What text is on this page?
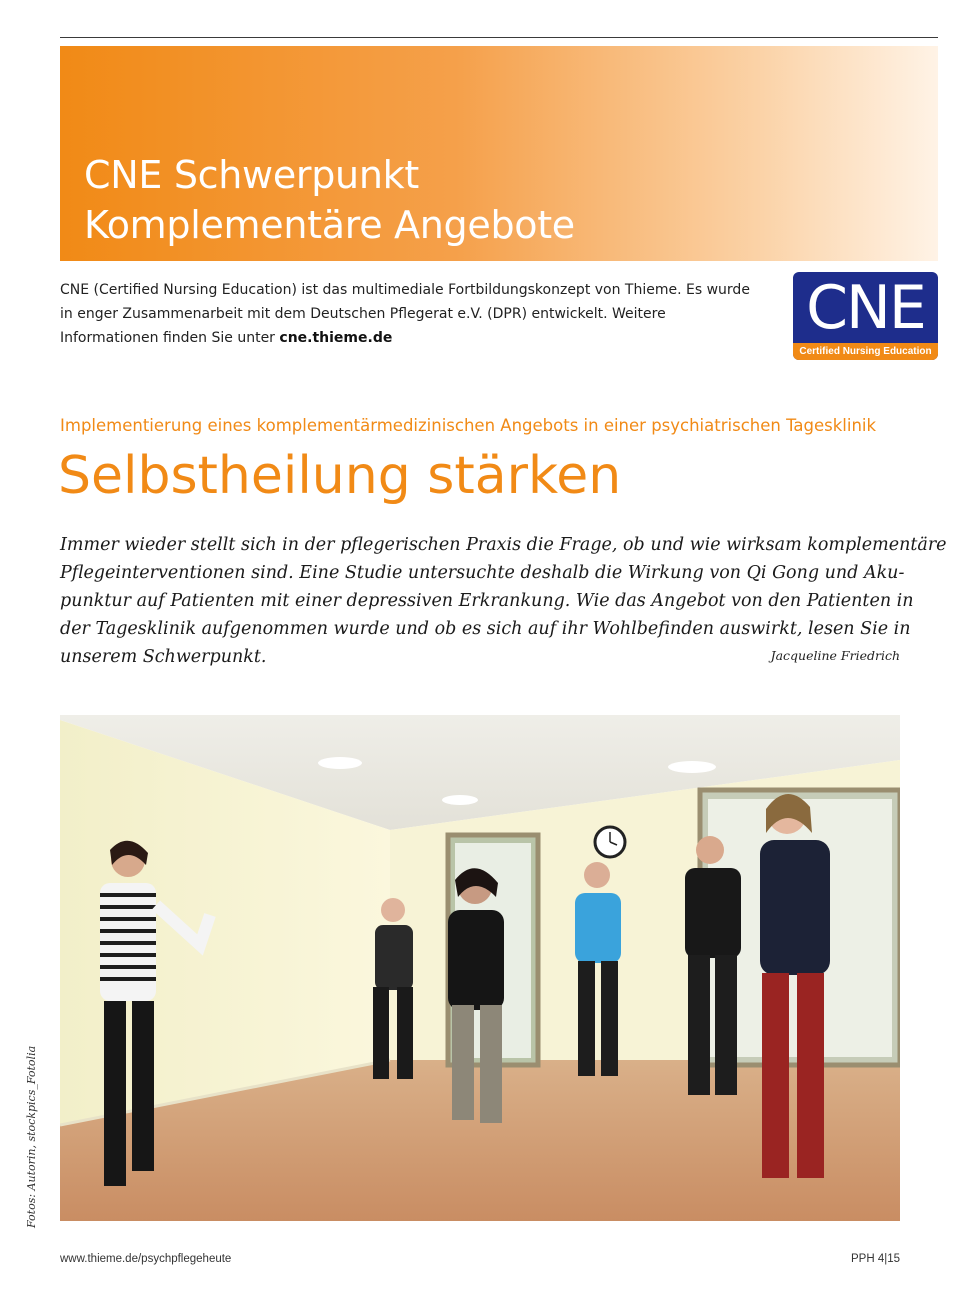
CNE Schwerpunkt
Komplementäre Angebote
CNE (Certified Nursing Education) ist das multimediale Fortbildungskonzept von Thieme. Es wurde in enger Zusammenarbeit mit dem Deutschen Pflegerat e.V. (DPR) entwickelt. Weitere Informationen finden Sie unter cne.thieme.de	CNE
Certified Nursing Education
Implementierung eines komplementärmedizinischen Angebots in einer psychiatrischen Tagesklinik
Selbstheilung stärken
Immer wieder stellt sich in der pflegerischen Praxis die Frage, ob und wie wirksam komplementäre
Pflegeinterventionen sind. Eine Studie untersuchte deshalb die Wirkung von Qi Gong und Aku-
punktur auf Patienten mit einer depressiven Erkrankung. Wie das Angebot von den Patienten in
der Tagesklinik aufgenommen wurde und ob es sich auf ihr Wohlbefinden auswirkt, lesen Sie in
unserem Schwerpunkt.	Jacqueline Friedrich
Fotos: Autorin, stockpics_Fotolia
www.thieme.de/psychpflegeheute	PPH 4|15
